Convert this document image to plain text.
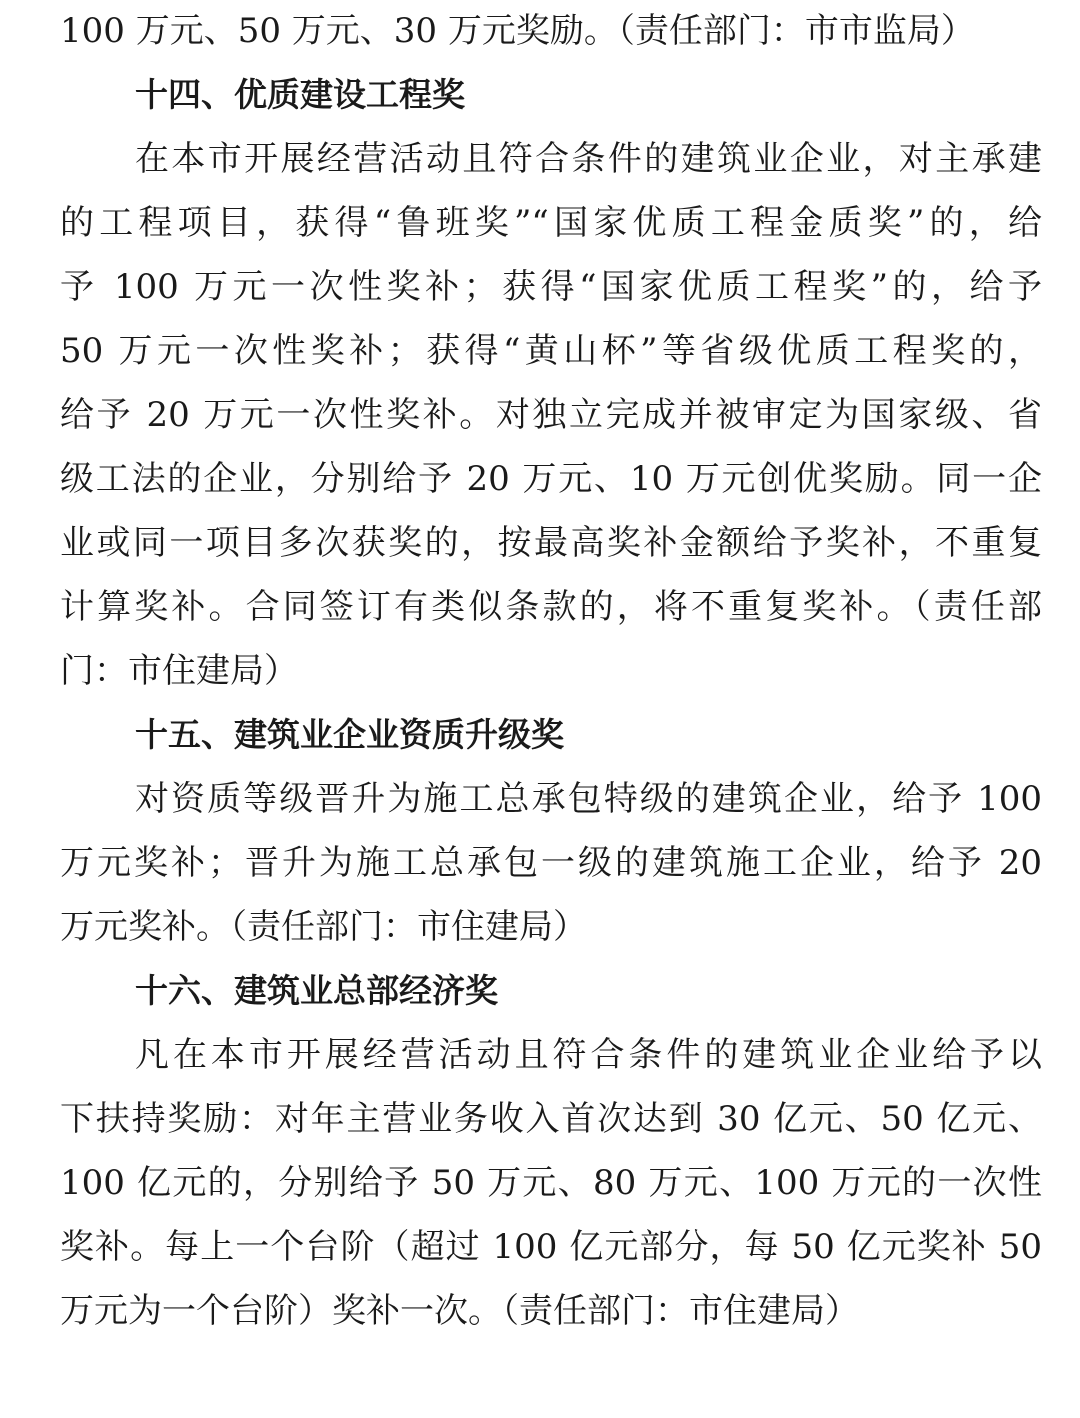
100 万元、50 万元、30 万元奖励。（责任部门：市市监局）
十四、优质建设工程奖
在本市开展经营活动且符合条件的建筑业企业，对主承建
的工程项目，获得“鲁班奖”“国家优质工程金质奖”的，给
予 100 万元一次性奖补；获得“国家优质工程奖”的，给予
50 万元一次性奖补；获得“黄山杯”等省级优质工程奖的，
给予 20 万元一次性奖补。对独立完成并被审定为国家级、省
级工法的企业，分别给予 20 万元、10 万元创优奖励。同一企
业或同一项目多次获奖的，按最高奖补金额给予奖补，不重复
计算奖补。合同签订有类似条款的，将不重复奖补。（责任部
门：市住建局）
十五、建筑业企业资质升级奖
对资质等级晋升为施工总承包特级的建筑企业，给予 100
万元奖补；晋升为施工总承包一级的建筑施工企业，给予 20
万元奖补。（责任部门：市住建局）
十六、建筑业总部经济奖
凡在本市开展经营活动且符合条件的建筑业企业给予以
下扶持奖励：对年主营业务收入首次达到 30 亿元、50 亿元、
100 亿元的，分别给予 50 万元、80 万元、100 万元的一次性
奖补。每上一个台阶（超过 100 亿元部分，每 50 亿元奖补 50
万元为一个台阶）奖补一次。（责任部门：市住建局）
